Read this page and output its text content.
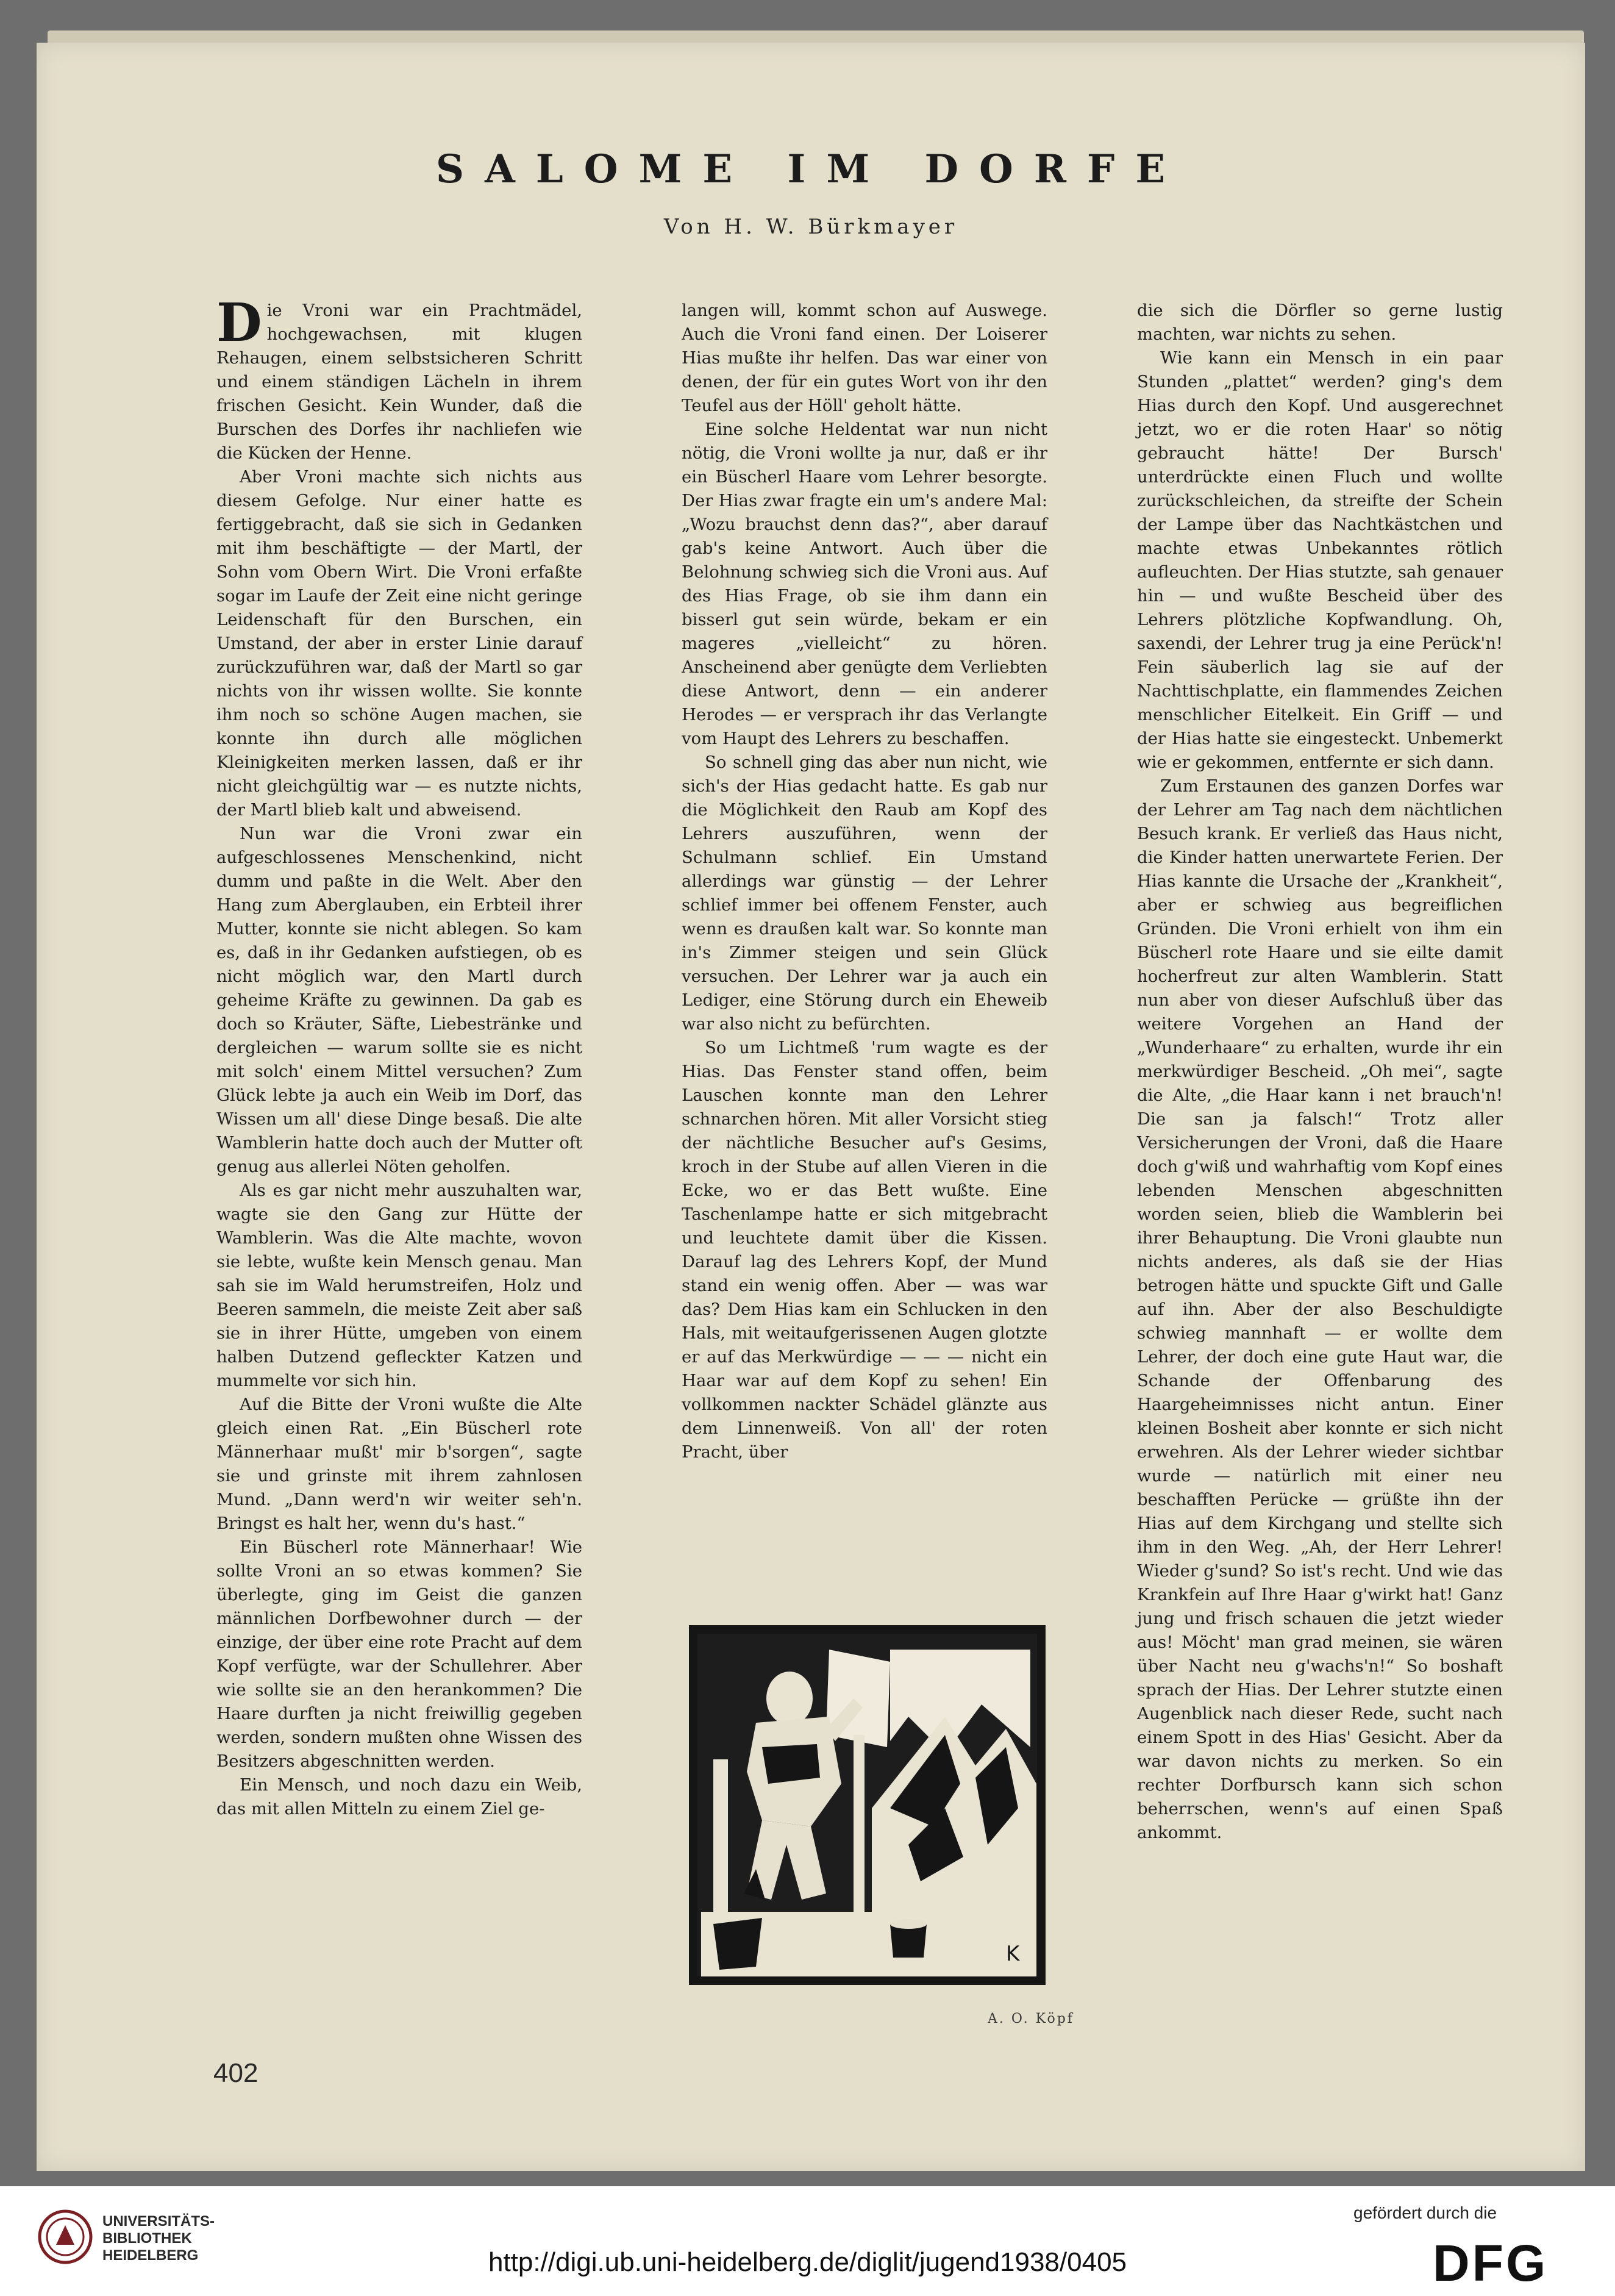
SALOME IM DORFE
Von H. W. Bürkmayer

Die Vroni war ein Prachtmädel, hochgewachsen, mit klugen Rehaugen, einem selbstsicheren Schritt und einem ständigen Lächeln in ihrem frischen Gesicht. Kein Wunder, daß die Burschen des Dorfes ihr nachliefen wie die Kücken der Henne.

Aber Vroni machte sich nichts aus diesem Gefolge. Nur einer hatte es fertiggebracht, daß sie sich in Gedanken mit ihm beschäftigte — der Martl, der Sohn vom Obern Wirt. Die Vroni erfaßte sogar im Laufe der Zeit eine nicht geringe Leidenschaft für den Burschen, ein Umstand, der aber in erster Linie darauf zurückzuführen war, daß der Martl so gar nichts von ihr wissen wollte. Sie konnte ihm noch so schöne Augen machen, sie konnte ihn durch alle möglichen Kleinigkeiten merken lassen, daß er ihr nicht gleichgültig war — es nutzte nichts, der Martl blieb kalt und abweisend.

Nun war die Vroni zwar ein aufgeschlossenes Menschenkind, nicht dumm und paßte in die Welt. Aber den Hang zum Aberglauben, ein Erbteil ihrer Mutter, konnte sie nicht ablegen. So kam es, daß in ihr Gedanken aufstiegen, ob es nicht möglich war, den Martl durch geheime Kräfte zu gewinnen. Da gab es doch so Kräuter, Säfte, Liebestränke und dergleichen — warum sollte sie es nicht mit solch' einem Mittel versuchen? Zum Glück lebte ja auch ein Weib im Dorf, das Wissen um all' diese Dinge besaß. Die alte Wamblerin hatte doch auch der Mutter oft genug aus allerlei Nöten geholfen.

Als es gar nicht mehr auszuhalten war, wagte sie den Gang zur Hütte der Wamblerin. Was die Alte machte, wovon sie lebte, wußte kein Mensch genau. Man sah sie im Wald herumstreifen, Holz und Beeren sammeln, die meiste Zeit aber saß sie in ihrer Hütte, umgeben von einem halben Dutzend gefleckter Katzen und mummelte vor sich hin.

Auf die Bitte der Vroni wußte die Alte gleich einen Rat. „Ein Büscherl rote Männerhaar mußt' mir b'sorgen“, sagte sie und grinste mit ihrem zahnlosen Mund. „Dann werd'n wir weiter seh'n. Bringst es halt her, wenn du's hast.“

Ein Büscherl rote Männerhaar! Wie sollte Vroni an so etwas kommen? Sie überlegte, ging im Geist die ganzen männlichen Dorfbewohner durch — der einzige, der über eine rote Pracht auf dem Kopf verfügte, war der Schullehrer. Aber wie sollte sie an den herankommen? Die Haare durften ja nicht freiwillig gegeben werden, sondern mußten ohne Wissen des Besitzers abgeschnitten werden.

Ein Mensch, und noch dazu ein Weib, das mit allen Mitteln zu einem Ziel ge-

langen will, kommt schon auf Auswege. Auch die Vroni fand einen. Der Loiserer Hias mußte ihr helfen. Das war einer von denen, der für ein gutes Wort von ihr den Teufel aus der Höll' geholt hätte.

Eine solche Heldentat war nun nicht nötig, die Vroni wollte ja nur, daß er ihr ein Büscherl Haare vom Lehrer besorgte. Der Hias zwar fragte ein um's andere Mal: „Wozu brauchst denn das?“, aber darauf gab's keine Antwort. Auch über die Belohnung schwieg sich die Vroni aus. Auf des Hias Frage, ob sie ihm dann ein bisserl gut sein würde, bekam er ein mageres „vielleicht“ zu hören. Anscheinend aber genügte dem Verliebten diese Antwort, denn — ein anderer Herodes — er versprach ihr das Verlangte vom Haupt des Lehrers zu beschaffen.

So schnell ging das aber nun nicht, wie sich's der Hias gedacht hatte. Es gab nur die Möglichkeit den Raub am Kopf des Lehrers auszuführen, wenn der Schulmann schlief. Ein Umstand allerdings war günstig — der Lehrer schlief immer bei offenem Fenster, auch wenn es draußen kalt war. So konnte man in's Zimmer steigen und sein Glück versuchen. Der Lehrer war ja auch ein Lediger, eine Störung durch ein Eheweib war also nicht zu befürchten.

So um Lichtmeß 'rum wagte es der Hias. Das Fenster stand offen, beim Lauschen konnte man den Lehrer schnarchen hören. Mit aller Vorsicht stieg der nächtliche Besucher auf's Gesims, kroch in der Stube auf allen Vieren in die Ecke, wo er das Bett wußte. Eine Taschenlampe hatte er sich mitgebracht und leuchtete damit über die Kissen. Darauf lag des Lehrers Kopf, der Mund stand ein wenig offen. Aber — was war das? Dem Hias kam ein Schlucken in den Hals, mit weitaufgerissenen Augen glotzte er auf das Merkwürdige — — — nicht ein Haar war auf dem Kopf zu sehen! Ein vollkommen nackter Schädel glänzte aus dem Linnenweiß. Von all' der roten Pracht, über

die sich die Dörfler so gerne lustig machten, war nichts zu sehen.

Wie kann ein Mensch in ein paar Stunden „plattet“ werden? ging's dem Hias durch den Kopf. Und ausgerechnet jetzt, wo er die roten Haar' so nötig gebraucht hätte! Der Bursch' unterdrückte einen Fluch und wollte zurückschleichen, da streifte der Schein der Lampe über das Nachtkästchen und machte etwas Unbekanntes rötlich aufleuchten. Der Hias stutzte, sah genauer hin — und wußte Bescheid über des Lehrers plötzliche Kopfwandlung. Oh, saxendi, der Lehrer trug ja eine Perück'n! Fein säuberlich lag sie auf der Nachttischplatte, ein flammendes Zeichen menschlicher Eitelkeit. Ein Griff — und der Hias hatte sie eingesteckt. Unbemerkt wie er gekommen, entfernte er sich dann.

Zum Erstaunen des ganzen Dorfes war der Lehrer am Tag nach dem nächtlichen Besuch krank. Er verließ das Haus nicht, die Kinder hatten unerwartete Ferien. Der Hias kannte die Ursache der „Krankheit“, aber er schwieg aus begreiflichen Gründen. Die Vroni erhielt von ihm ein Büscherl rote Haare und sie eilte damit hocherfreut zur alten Wamblerin. Statt nun aber von dieser Aufschluß über das weitere Vorgehen an Hand der „Wunderhaare“ zu erhalten, wurde ihr ein merkwürdiger Bescheid. „Oh mei“, sagte die Alte, „die Haar kann i net brauch'n! Die san ja falsch!“ Trotz aller Versicherungen der Vroni, daß die Haare doch g'wiß und wahrhaftig vom Kopf eines lebenden Menschen abgeschnitten worden seien, blieb die Wamblerin bei ihrer Behauptung. Die Vroni glaubte nun nichts anderes, als daß sie der Hias betrogen hätte und spuckte Gift und Galle auf ihn. Aber der also Beschuldigte schwieg mannhaft — er wollte dem Lehrer, der doch eine gute Haut war, die Schande der Offenbarung des Haargeheimnisses nicht antun. Einer kleinen Bosheit aber konnte er sich nicht erwehren. Als der Lehrer wieder sichtbar wurde — natürlich mit einer neu beschafften Perücke — grüßte ihn der Hias auf dem Kirchgang und stellte sich ihm in den Weg. „Ah, der Herr Lehrer! Wieder g'sund? So ist's recht. Und wie das Krankfein auf Ihre Haar g'wirkt hat! Ganz jung und frisch schauen die jetzt wieder aus! Möcht' man grad meinen, sie wären über Nacht neu g'wachs'n!“ So boshaft sprach der Hias. Der Lehrer stutzte einen Augenblick nach dieser Rede, sucht nach einem Spott in des Hias' Gesicht. Aber da war davon nichts zu merken. So ein rechter Dorfbursch kann sich schon beherrschen, wenn's auf einen Spaß ankommt.

K
A. O. Köpf
402
UNIVERSITÄTS-
BIBLIOTHEK
HEIDELBERG	http://digi.ub.uni-heidelberg.de/diglit/jugend1938/0405
gefördert durch die
DFG
